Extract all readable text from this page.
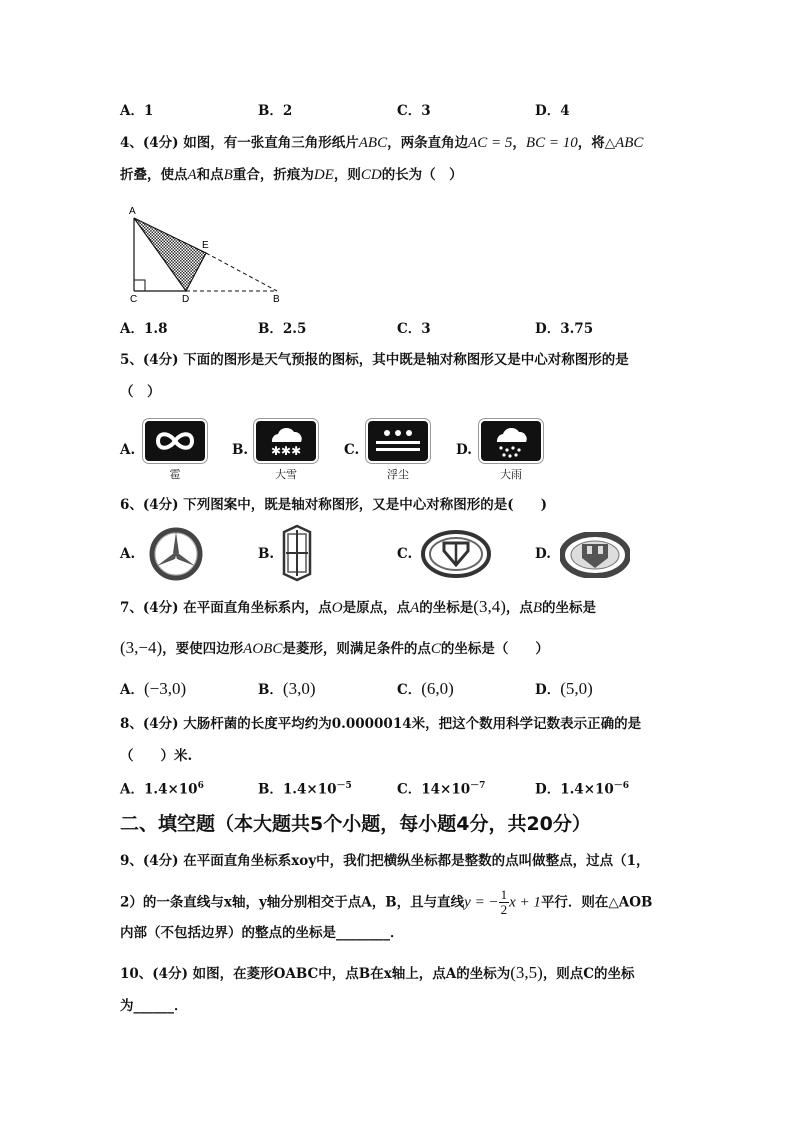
A．1	B．2	C．3	D．4
4、(4分) 如图，有一张直角三角形纸片ABC，两条直角边AC = 5，BC = 10，将△ABC
折叠，使点A和点B重合，折痕为DE，则CD的长为（　）
A
E
C	D	B
A．1.8	B．2.5	C．3	D．3.75
5、(4分) 下面的图形是天气预报的图标，其中既是轴对称图形又是中心对称图形的是
（　）
A.
雹
B. ✱✱✱
大雪
C.
浮尘
D.
大雨
6、(4分) 下列图案中，既是轴对称图形，又是中心对称图形的是(　　)
A.	B.	C.	D.
7、(4分) 在平面直角坐标系内，点O是原点，点A的坐标是(3,4)，点B的坐标是
(3,−4)，要使四边形AOBC是菱形，则满足条件的点C的坐标是（　　）
A．(−3,0)	B．(3,0)	C．(6,0)	D．(5,0)
8、(4分) 大肠杆菌的长度平均约为0.0000014米，把这个数用科学记数表示正确的是
（　　）米.
A．$1.4\times 10^6$	B．$1.4\times 10^{-5}$	C．$14\times 10^{-7}$	D．$1.4\times 10^{-6}$
二、填空题（本大题共5个小题，每小题4分，共20分）
9、(4分) 在平面直角坐标系xoy中，我们把横纵坐标都是整数的点叫做整点，过点（1，
2）的一条直线与x轴，y轴分别相交于点A，B，且与直线y = − $\frac{1}{2}$ x + 1平行．则在△AOB
内部（不包括边界）的整点的坐标是________．
10、(4分) 如图，在菱形OABC中，点B在x轴上，点A的坐标为(3,5)，则点C的坐标
为______．
